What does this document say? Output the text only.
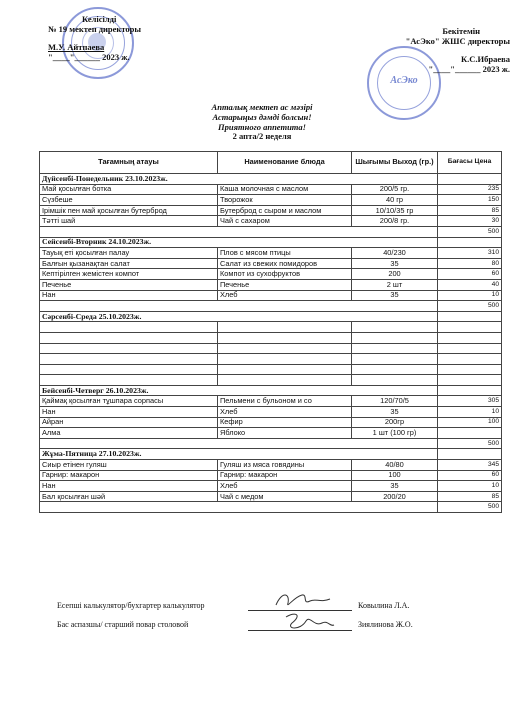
АсЭко
Келісілді
№ 19 мектеп директоры
М.У. Айтпаева
"____"______ 2023 ж.
Бекітемін
"АсЭко" ЖШС директоры
К.С.Ибраева
"____"______ 2023 ж.
Апталық мектеп ас мәзірі
Астарыңыз дәмді болсын!
Приятного аппетита!
2 апта/2 неделя
Тағамның атауы	Наименование блюда	Шығымы Выход (гр.)	Бағасы Цена
Дүйсенбі-Понедельник 23.10.2023ж.			
Май қосылған ботка	Каша молочная с маслом	200/5 гр.	235
Сүзбеше	Творожок	40 гр	150
Ірімшік пен май қосылған бутерброд	Бутерброд с сыром и маслом	10/10/35 гр	85
Тәтті шай	Чай с сахаром	200/8 гр.	30
			500
Сейсенбі-Вторник 24.10.2023ж.			
Тауық еті қосылған палау	Плов с мясом птицы	40/230	310
Балғын қызанақтан салат	Салат из свежих помидоров	35	80
Кептірілген жемістен компот	Компот из сухофруктов	200	60
Печенье	Печенье	2 шт	40
Нан	Хлеб	35	10
			500
Сәрсенбі-Среда 25.10.2023ж.			

Бейсенбі-Четверг 26.10.2023ж.			
Қаймақ қосылған тұшпара сорпасы	Пельмени с бульоном и со	120/70/5	305
Нан	Хлеб	35	10
Айран	Кефир	200гр	100
Алма	Яблоко	1 шт (100 гр)	
			500
Жұма-Пятница 27.10.2023ж.			
Сиыр етінен гуляш	Гуляш из мяса говядины	40/80	345
Гарнир: макарон	Гарнир: макарон	100	60
Нан	Хлеб	35	10
Бал қосылған шәй	Чай с медом	200/20	85
			500
Есепші калькулятор/бухгартер калькулятор	Ковылина Л.А.
Бас аспазшы/ старший повар столовой	Зиялинова Ж.О.
